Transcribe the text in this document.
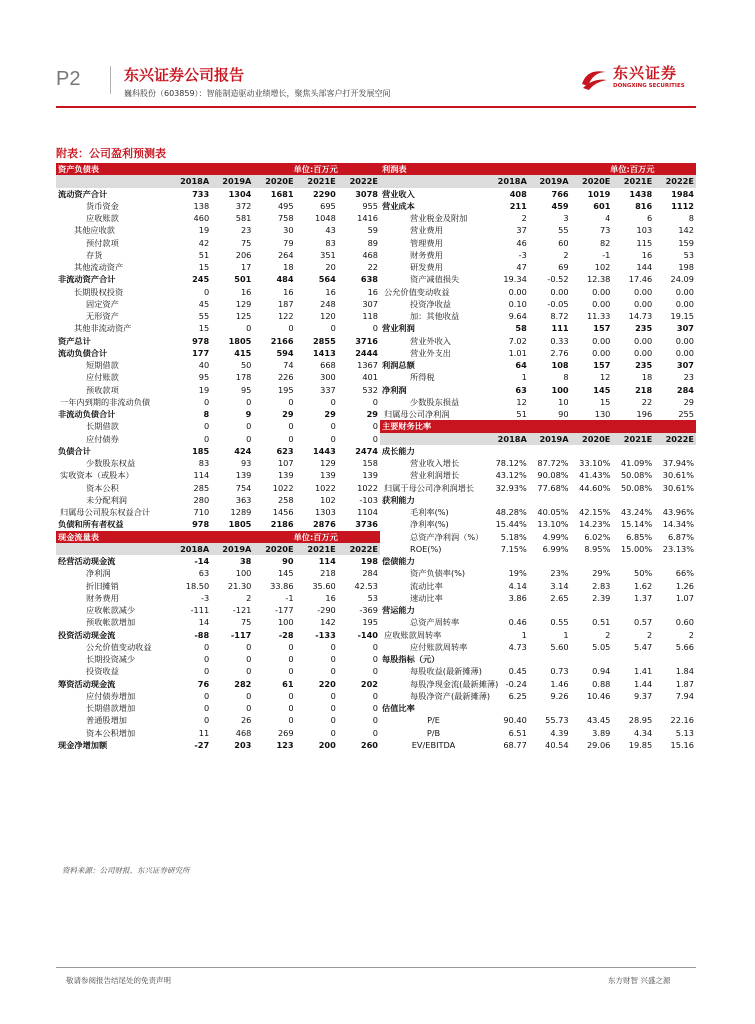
P2	东兴证券公司报告
巍科股份（603859）：智能制造驱动业绩增长，聚焦头部客户打开发展空间
东兴证券
DONGXING SECURITIES
附表：公司盈利预测表
资产负债表	单位:百万元
2018A	2019A	2020E	2021E	2022E
流动资产合计	733	1304	1681	2290	3078
货币资金	138	372	495	695	955
应收账款	460	581	758	1048	1416
其他应收款	19	23	30	43	59
预付款项	42	75	79	83	89
存货	51	206	264	351	468
其他流动资产	15	17	18	20	22
非流动资产合计	245	501	484	564	638
长期股权投资	0	16	16	16	16
固定资产	45	129	187	248	307
无形资产	55	125	122	120	118
其他非流动资产	15	0	0	0	0
资产总计	978	1805	2166	2855	3716
流动负债合计	177	415	594	1413	2444
短期借款	40	50	74	668	1367
应付账款	95	178	226	300	401
预收款项	19	95	195	337	532
一年内到期的非流动负债	0	0	0	0	0
非流动负债合计	8	9	29	29	29
长期借款	0	0	0	0	0
应付债券	0	0	0	0	0
负债合计	185	424	623	1443	2474
少数股东权益	83	93	107	129	158
实收资本（或股本）	114	139	139	139	139
资本公积	285	754	1022	1022	1022
未分配利润	280	363	258	102	-103
归属母公司股东权益合计	710	1289	1456	1303	1104
负债和所有者权益	978	1805	2186	2876	3736
现金流量表	单位:百万元
2018A	2019A	2020E	2021E	2022E
经营活动现金流	-14	38	90	114	198
净利润	63	100	145	218	284
折旧摊销	18.50	21.30	33.86	35.60	42.53
财务费用	-3	2	-1	16	53
应收帐款减少	-111	-121	-177	-290	-369
预收帐款增加	14	75	100	142	195
投资活动现金流	-88	-117	-28	-133	-140
公允价值变动收益	0	0	0	0	0
长期投资减少	0	0	0	0	0
投资收益	0	0	0	0	0
筹资活动现金流	76	282	61	220	202
应付债券增加	0	0	0	0	0
长期借款增加	0	0	0	0	0
普通股增加	0	26	0	0	0
资本公积增加	11	468	269	0	0
现金净增加额	-27	203	123	200	260
利润表	单位:百万元
2018A	2019A	2020E	2021E	2022E
营业收入	408	766	1019	1438	1984
营业成本	211	459	601	816	1112
营业税金及附加	2	3	4	6	8
营业费用	37	55	73	103	142
管理费用	46	60	82	115	159
财务费用	-3	2	-1	16	53
研发费用	47	69	102	144	198
资产减值损失	19.34	-0.52	12.38	17.46	24.09
公允价值变动收益	0.00	0.00	0.00	0.00	0.00
投资净收益	0.10	-0.05	0.00	0.00	0.00
加：其他收益	9.64	8.72	11.33	14.73	19.15
营业利润	58	111	157	235	307
营业外收入	7.02	0.33	0.00	0.00	0.00
营业外支出	1.01	2.76	0.00	0.00	0.00
利润总额	64	108	157	235	307
所得税	1	8	12	18	23
净利润	63	100	145	218	284
少数股东损益	12	10	15	22	29
归属母公司净利润	51	90	130	196	255
主要财务比率
2018A	2019A	2020E	2021E	2022E
成长能力
营业收入增长	78.12%	87.72%	33.10%	41.09%	37.94%
营业利润增长	43.12%	90.08%	41.43%	50.08%	30.61%
归属于母公司净利润增长	32.93%	77.68%	44.60%	50.08%	30.61%
获利能力
毛利率(%)	48.28%	40.05%	42.15%	43.24%	43.96%
净利率(%)	15.44%	13.10%	14.23%	15.14%	14.34%
总资产净利润（%）	5.18%	4.99%	6.02%	6.85%	6.87%
ROE(%)	7.15%	6.99%	8.95%	15.00%	23.13%
偿债能力
资产负债率(%)	19%	23%	29%	50%	66%
流动比率	4.14	3.14	2.83	1.62	1.26
速动比率	3.86	2.65	2.39	1.37	1.07
营运能力
总资产周转率	0.46	0.55	0.51	0.57	0.60
应收账款周转率	1	1	2	2	2
应付账款周转率	4.73	5.60	5.05	5.47	5.66
每股指标（元）
每股收益(最新摊薄)	0.45	0.73	0.94	1.41	1.84
每股净现金流(最新摊薄) -0.24	1.46	0.88	1.44	1.87
每股净资产(最新摊薄)	6.25	9.26	10.46	9.37	7.94
估值比率
P/E	90.40	55.73	43.45	28.95	22.16
P/B	6.51	4.39	3.89	4.34	5.13
EV/EBITDA	68.77	40.54	29.06	19.85	15.16
资料来源：公司财报、东兴证券研究所
敬请参阅报告结尾处的免责声明	东方财智 兴盛之源
